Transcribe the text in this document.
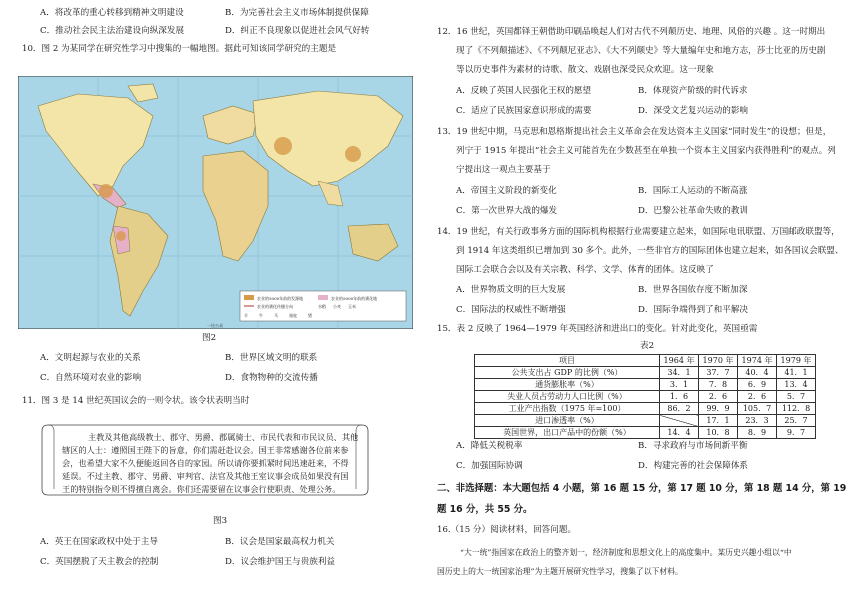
A．将改革的重心转移到精神文明建设	B．为完善社会主义市场体制提供保障
C．推动社会民主法治建设向纵深发展	D．纠正不良现象以促进社会风气好转
10．图 2 为某同学在研究性学习中搜集的一幅地图。据此可知该同学研究的主题是
农业的5000年前的发源地	农业的5000年前的驯化地
农业的驯化传播方向	水稻 小麦 玉米
羊	牛	马	骆驼	猪
一比公众
图2
A．文明起源与农业的关系	B．世界区域文明的联系
C．自然环境对农业的影响	D．食物物种的交流传播
11．图 3 是 14 世纪英国议会的一则令状。该令状表明当时
主教及其他高级教士、郡守、男爵、郡属骑士、市民代表和市民议员、其他
辖区的人士：遵照国王陛下的旨意，你们需赶赴议会。国王非常感谢各位前来参
会，也希望大家不久便能返回各自的家园。所以请你要抓紧时间迅速赶来，不得
延误。不过主教、郡守、男爵、审判官、法官及其他王室议事会成员如果没有国
王的特别指令则不得擅自离会。你们还需要留在议事会行使职责、处理公务。
图3
A．英王在国家政权中处于主导	B．议会是国家最高权力机关
C．英国摆脱了天主教会的控制	D．议会维护国王与贵族利益
12．16 世纪，英国都铎王朝借助印刷品唤起人们对古代不列颠历史、地理、风俗的兴趣 。这一时期出
现了《不列颠描述》、《不列颠尼亚志》、《大不列颠史》等大量编年史和地方志，莎士比亚的历史剧
等以历史事件为素材的诗歌、散文、戏剧也深受民众欢迎。这一现象
A．反映了英国人民强化王权的愿望	B．体现资产阶级的时代诉求
C．适应了民族国家意识形成的需要	D．深受文艺复兴运动的影响
13．19 世纪中期，马克思和恩格斯提出社会主义革命会在发达资本主义国家“同时发生”的设想；但是，
列宁于 1915 年提出“社会主义可能首先在少数甚至在单独一个资本主义国家内获得胜利”的观点。列
宁提出这一观点主要基于
A．帝国主义阶段的新变化	B．国际工人运动的不断高涨
C．第一次世界大战的爆发	D．巴黎公社革命失败的教训
14．19 世纪，有关行政事务方面的国际机构根据行业需要建立起来，如国际电讯联盟、万国邮政联盟等，
到 1914 年这类组织已增加到 30 多个。此外，一些非官方的国际团体也建立起来，如各国议会联盟、
国际工会联合会以及有关宗教、科学、文学、体育的团体。这反映了
A．世界物质文明的巨大发展	B．世界各国依存度不断加深
C．国际法的权威性不断增强	D．国际争端得到了和平解决
15．表 2 反映了 1964—1979 年英国经济和进出口的变化。针对此变化，英国亟需
表2
项目	1964 年	1970 年	1974 年	1979 年
公共支出占 GDP 的比例（%）	34．1	37．7	40．4	41．1
通货膨胀率（%）	3．1	7．8	6．9	13．4
失业人员占劳动力人口比例（%）	1．6	2．6	2．6	5．7
工业产出指数（1975 年=100）	86．2	99．9	105．7	112．8
进口渗透率（%）		17．1	23．3	25．7
英国世界，出口产品中的份额（%）	14．4	10．8	8．9	9．7
A．降低关税税率	B．寻求政府与市场间新平衡
C．加强国际协调	D．构建完善的社会保障体系
二、非选择题：本大题包括 4 小题，第 16 题 15 分，第 17 题 10 分，第 18 题 14 分，第 19
题 16 分，共 55 分。
16.（15 分）阅读材料，回答问题。
“大一统”指国家在政治上的整齐划一，经济制度和思想文化上的高度集中。某历史兴趣小组以“中
国历史上的大一统国家治理”为主题开展研究性学习，搜集了以下材料。
